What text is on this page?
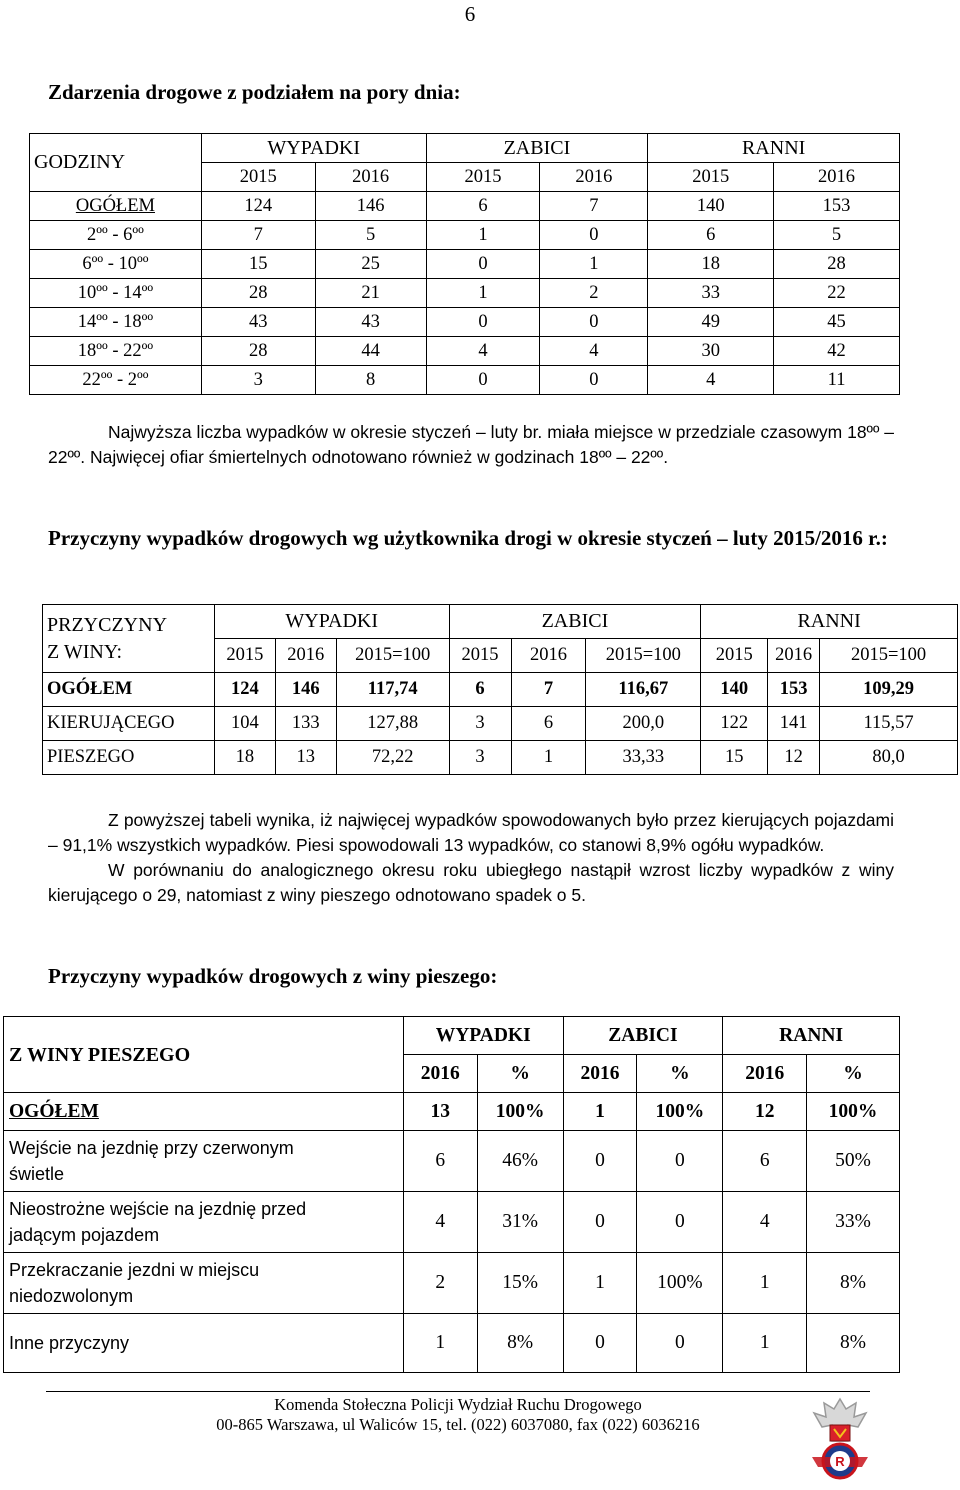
6
Zdarzenia drogowe z podziałem na pory dnia:
GODZINY	WYPADKI		ZABICI		RANNI	
	2015	2016	2015	2016	2015	2016
OGÓŁEM	124	146	6	7	140	153
2ºº - 6ºº	7	5	1	0	6	5
6ºº - 10ºº	15	25	0	1	18	28
10ºº - 14ºº	28	21	1	2	33	22
14ºº - 18ºº	43	43	0	0	49	45
18ºº - 22ºº	28	44	4	4	30	42
22ºº - 2ºº	3	8	0	0	4	11
Najwyższa liczba wypadków w okresie styczeń – luty br. miała miejsce w przedziale czasowym 18ºº – 22ºº. Najwięcej ofiar śmiertelnych odnotowano również w godzinach 18ºº – 22ºº.
Przyczyny wypadków drogowych wg użytkownika drogi w okresie styczeń – luty 2015/2016 r.:
PRZYCZYNY
Z WINY:	WYPADKI			ZABICI			RANNI		
	2015	2016	2015=100	2015	2016	2015=100	2015	2016	2015=100
OGÓŁEM	124	146	117,74	6	7	116,67	140	153	109,29
KIERUJĄCEGO	104	133	127,88	3	6	200,0	122	141	115,57
PIESZEGO	18	13	72,22	3	1	33,33	15	12	80,0
Z powyższej tabeli wynika, iż najwięcej wypadków spowodowanych było przez kierujących pojazdami – 91,1% wszystkich wypadków. Piesi spowodowali 13 wypadków, co stanowi 8,9% ogółu wypadków.
W porównaniu do analogicznego okresu roku ubiegłego nastąpił wzrost liczby wypadków z winy kierującego o 29, natomiast z winy pieszego odnotowano spadek o 5.
Przyczyny wypadków drogowych z winy pieszego:
Z WINY PIESZEGO	WYPADKI		ZABICI		RANNI	
	2016	%	2016	%	2016	%
OGÓŁEM	13	100%	1	100%	12	100%

Wejście na jezdnię przy czerwonym świetle	6	46%	0	0	6	50%

Nieostrożne wejście na jezdnię przed jadącym pojazdem	4	31%	0	0	4	33%

Przekraczanie jezdni w miejscu niedozwolonym	2	15%	1	100%	1	8%
Inne przyczyny	1	8%	0	0	1	8%
Komenda Stołeczna Policji Wydział Ruchu Drogowego
00-865 Warszawa, ul Waliców 15, tel. (022) 6037080, fax (022) 6036216
R
